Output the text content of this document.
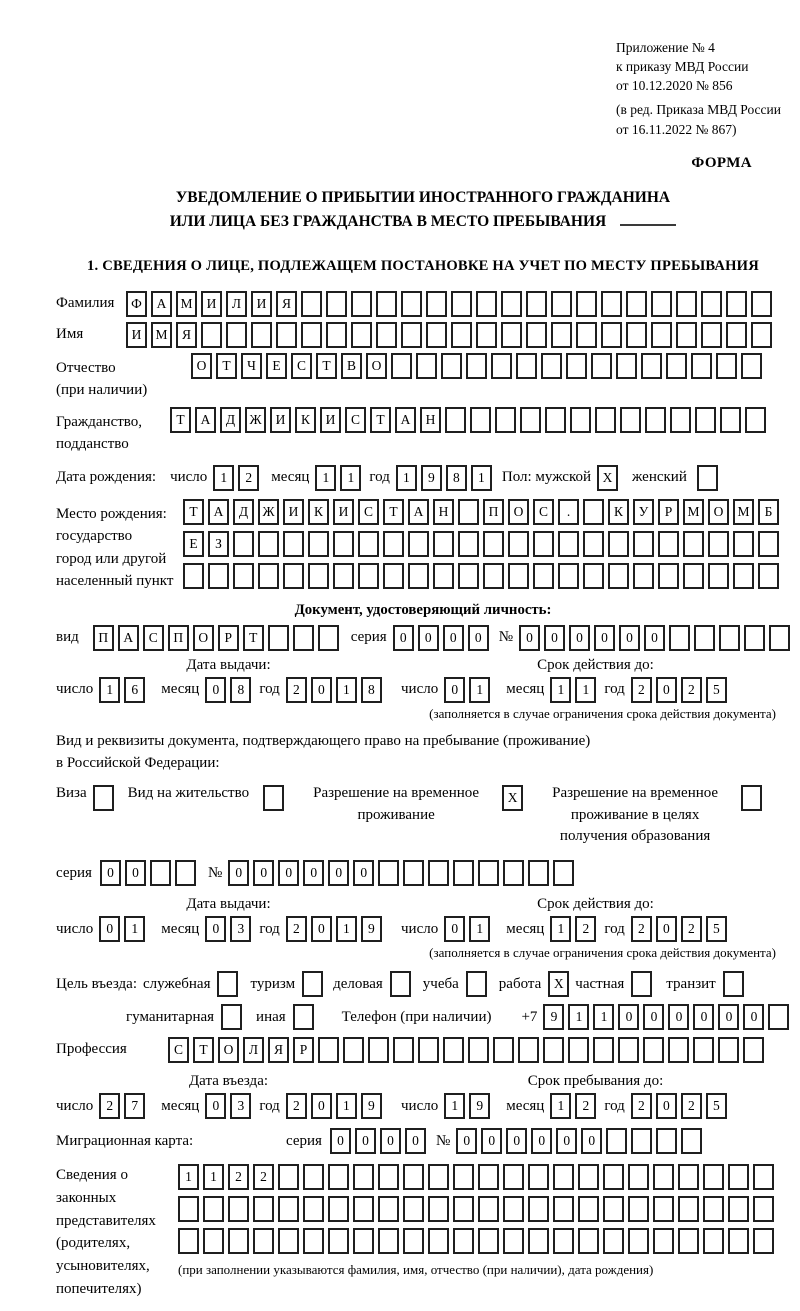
Приложение № 4
к приказу МВД России
от 10.12.2020 № 856
(в ред. Приказа МВД России
от 16.11.2022 № 867)
ФОРМА
УВЕДОМЛЕНИЕ О ПРИБЫТИИ ИНОСТРАННОГО ГРАЖДАНИНА
ИЛИ ЛИЦА БЕЗ ГРАЖДАНСТВА В МЕСТО ПРЕБЫВАНИЯ
1. СВЕДЕНИЯ О ЛИЦЕ, ПОДЛЕЖАЩЕМ ПОСТАНОВКЕ НА УЧЕТ ПО МЕСТУ ПРЕБЫВАНИЯ
Фамилия	Ф	А	М	И	Л	И	Я

Имя	И	М	Я

Отчество
(при наличии)
О	Т	Ч	Е	С	Т	В	О

Гражданство,
подданство
Т	А	Д	Ж	И	К	И	С	Т	А	Н

Дата рождения: число 1	2	месяц 1	1	год 1	9	8	1	Пол: мужской X	женский

Место рождения:
государство
город или другой
населенный пункт
Т	А	Д	Ж	И	К	И	С	Т	А	Н
	П	О	С	.
	К	У	Р	М	О	М	Б
Е	З

Документ, удостоверяющий личность:
вид	П	А	С	П	О	Р	Т

	серия 0	0	0	0	№ 0	0	0	0	0	0

Дата выдачи:	Срок действия до:
число 1	6	месяц 0	8	год 2	0	1	8	число 0	1	месяц 1	1	год 2	0	2	5
(заполняется в случае ограничения срока действия документа)
Вид и реквизиты документа, подтверждающего право на пребывание (проживание)
в Российской Федерации:
Виза
	Вид на жительство
	Разрешение на временное проживание
X	Разрешение на временное проживание в целях получения образования

серия	0	0

	№ 0	0	0	0	0	0

Дата выдачи:	Срок действия до:
число 0	1	месяц 0	3	год 2	0	1	9	число 0	1	месяц 1	2	год 2	0	2	5
(заполняется в случае ограничения срока действия документа)
Цель въезда: служебная
	туризм
	деловая
	учеба
	работа X частная
	транзит

гуманитарная
	иная
	Телефон (при наличии) +7 9	1	1	0	0	0	0	0	0

Профессия	С	Т	О	Л	Я	Р

Дата въезда:	Срок пребывания до:
число 2	7	месяц 0	3	год 2	0	1	9	число 1	9	месяц 1	2	год 2	0	2	5
Миграционная карта:	серия	0	0	0	0	№ 0	0	0	0	0	0

Сведения о
законных
представителях
(родителях,
усыновителях,
попечителях)
1	1	2	2

(при заполнении указываются фамилия, имя, отчество (при наличии), дата рождения)
